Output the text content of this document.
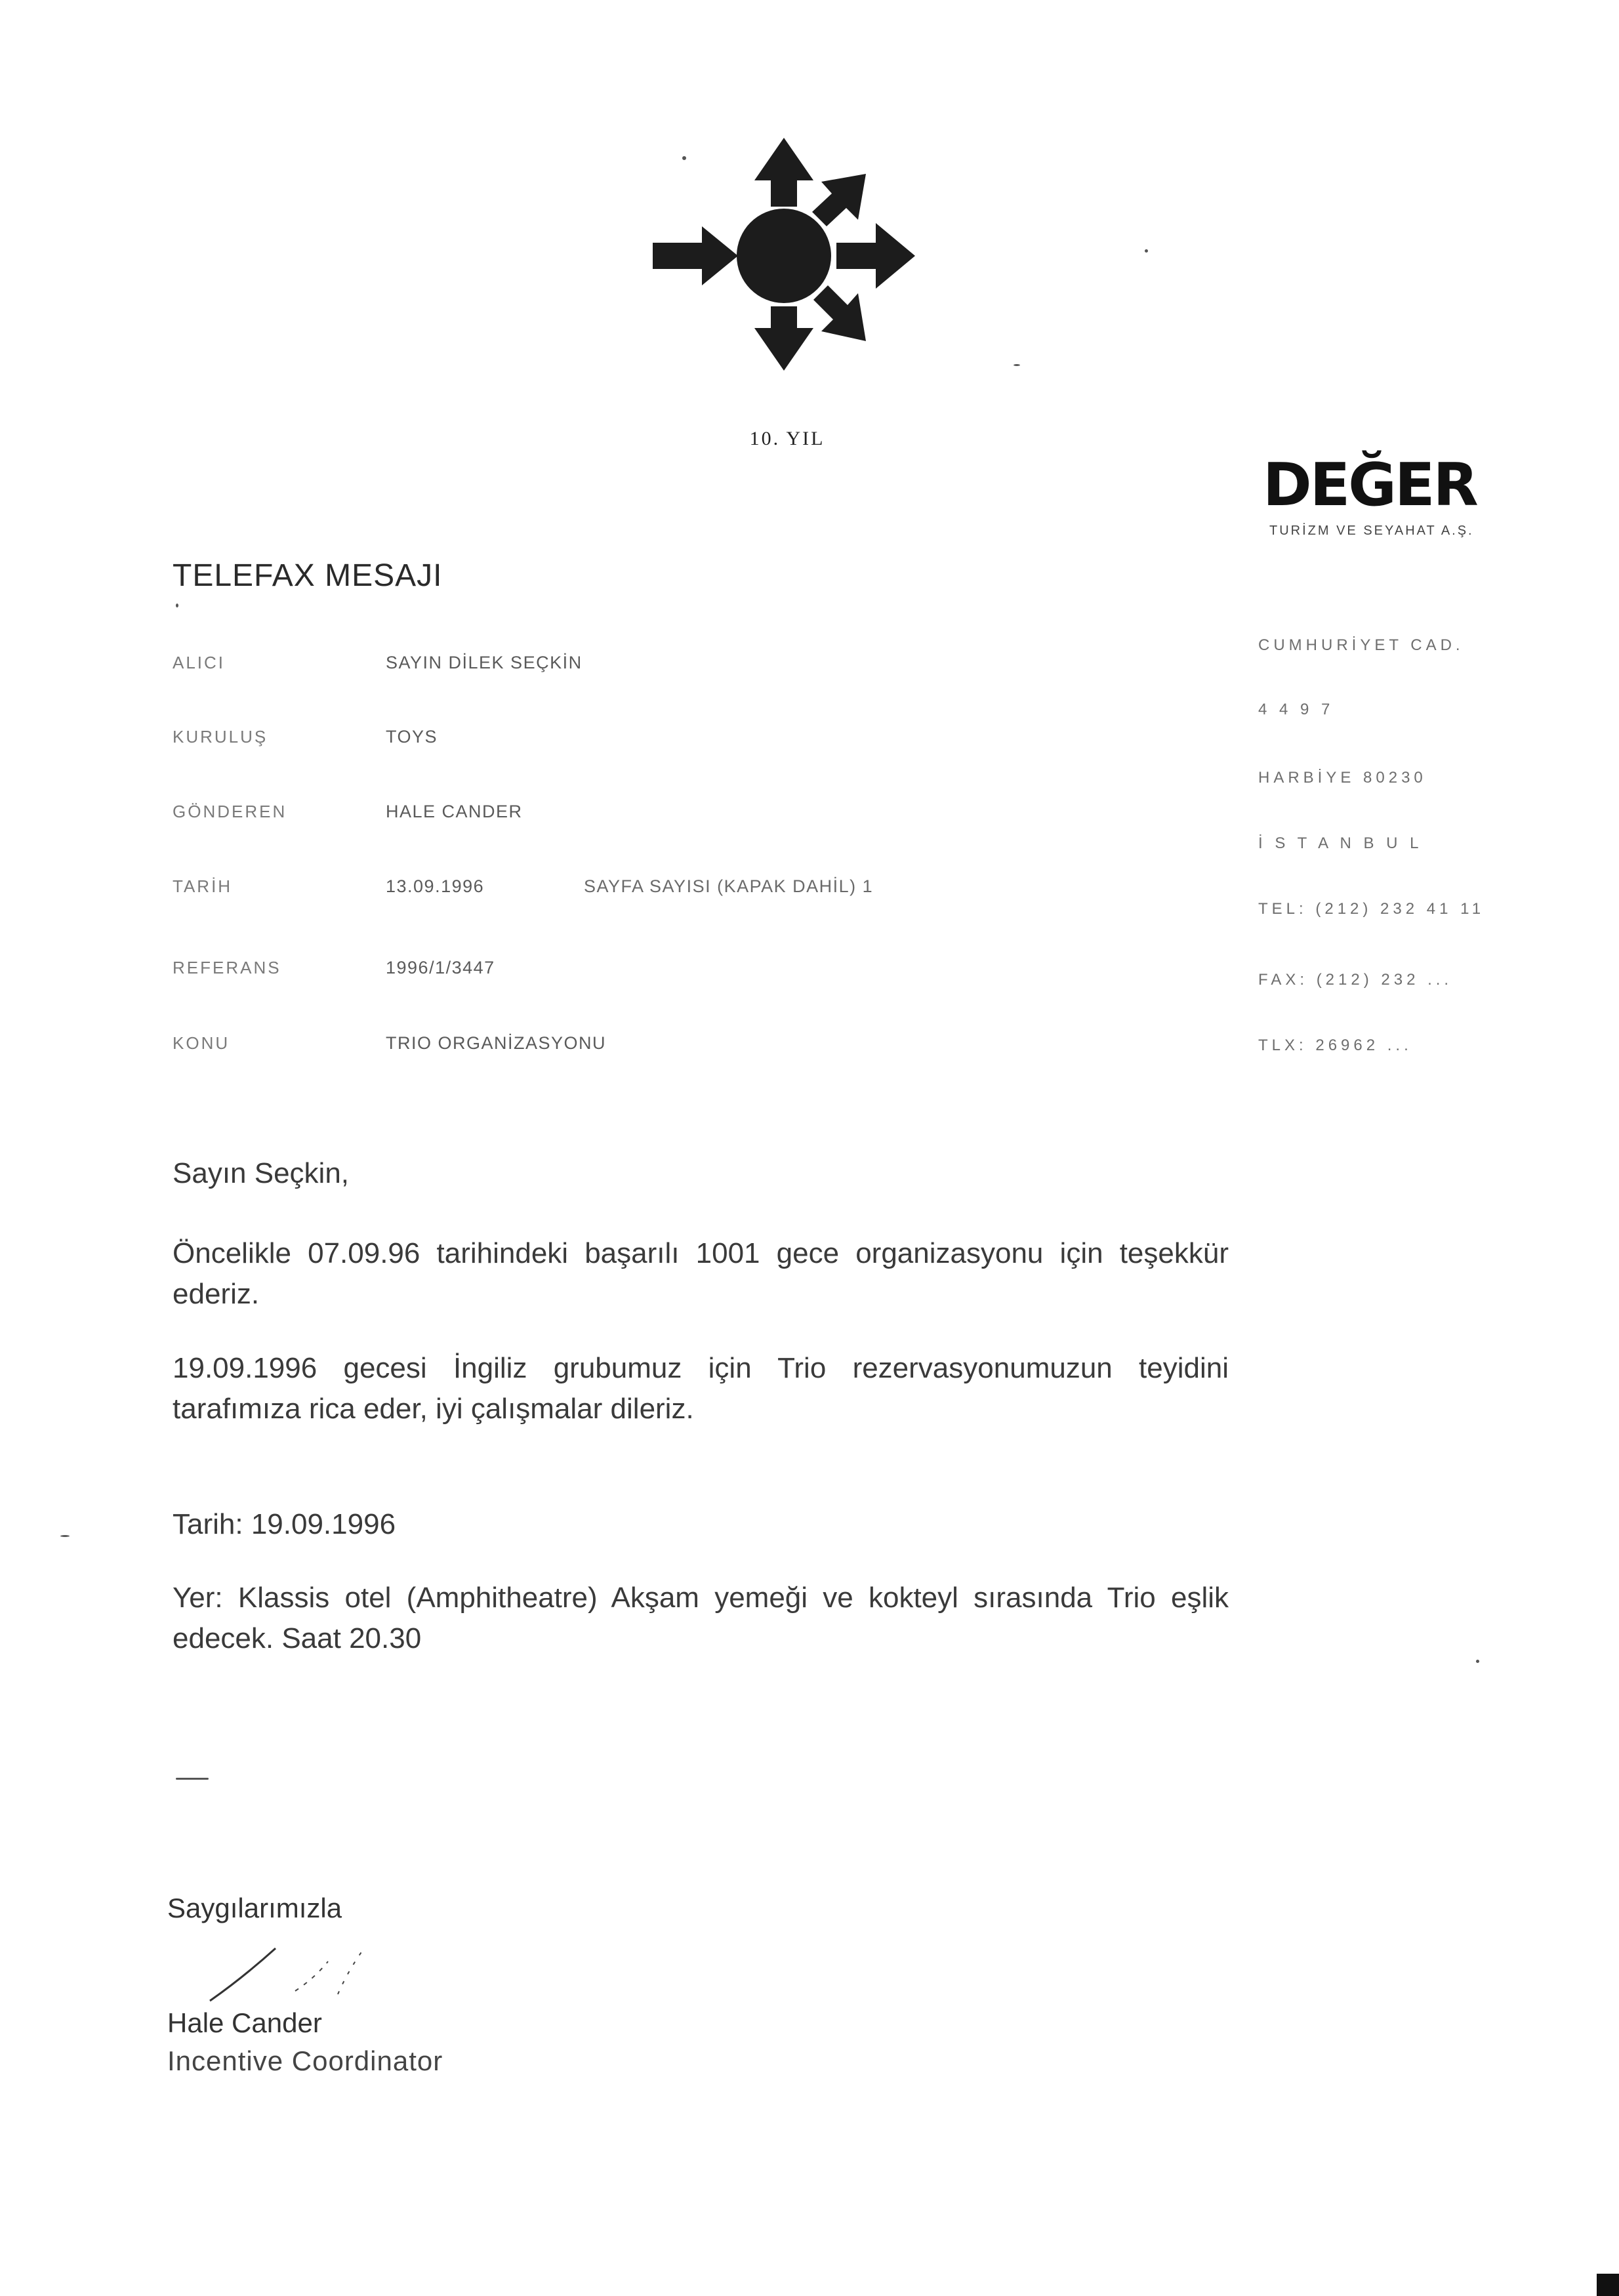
10. YIL
DEĞER
TURİZM VE SEYAHAT A.Ş.
TELEFAX MESAJI
ALICI	SAYIN DİLEK SEÇKİN
KURULUŞ	TOYS
GÖNDEREN	HALE CANDER
TARİH	13.09.1996	SAYFA SAYISI (KAPAK DAHİL) 1
REFERANS	1996/1/3447
KONU	TRIO ORGANİZASYONU
CUMHURİYET CAD.
4 4 9 7
HARBİYE 80230
İ S T A N B U L
TEL: (212) 232 41 11
FAX: (212) 232 ...
TLX: 26962 ...
Sayın Seçkin,

Öncelikle 07.09.96 tarihindeki başarılı 1001 gece organizasyonu için teşekkür ederiz.

19.09.1996 gecesi İngiliz grubumuz için Trio rezervasyonumuzun teyidini tarafımıza rica eder, iyi çalışmalar dileriz.

Tarih: 19.09.1996

Yer: Klassis otel (Amphitheatre) Akşam yemeği ve kokteyl sırasında Trio eşlik edecek. Saat 20.30

Saygılarımızla
Hale Cander
Incentive Coordinator
